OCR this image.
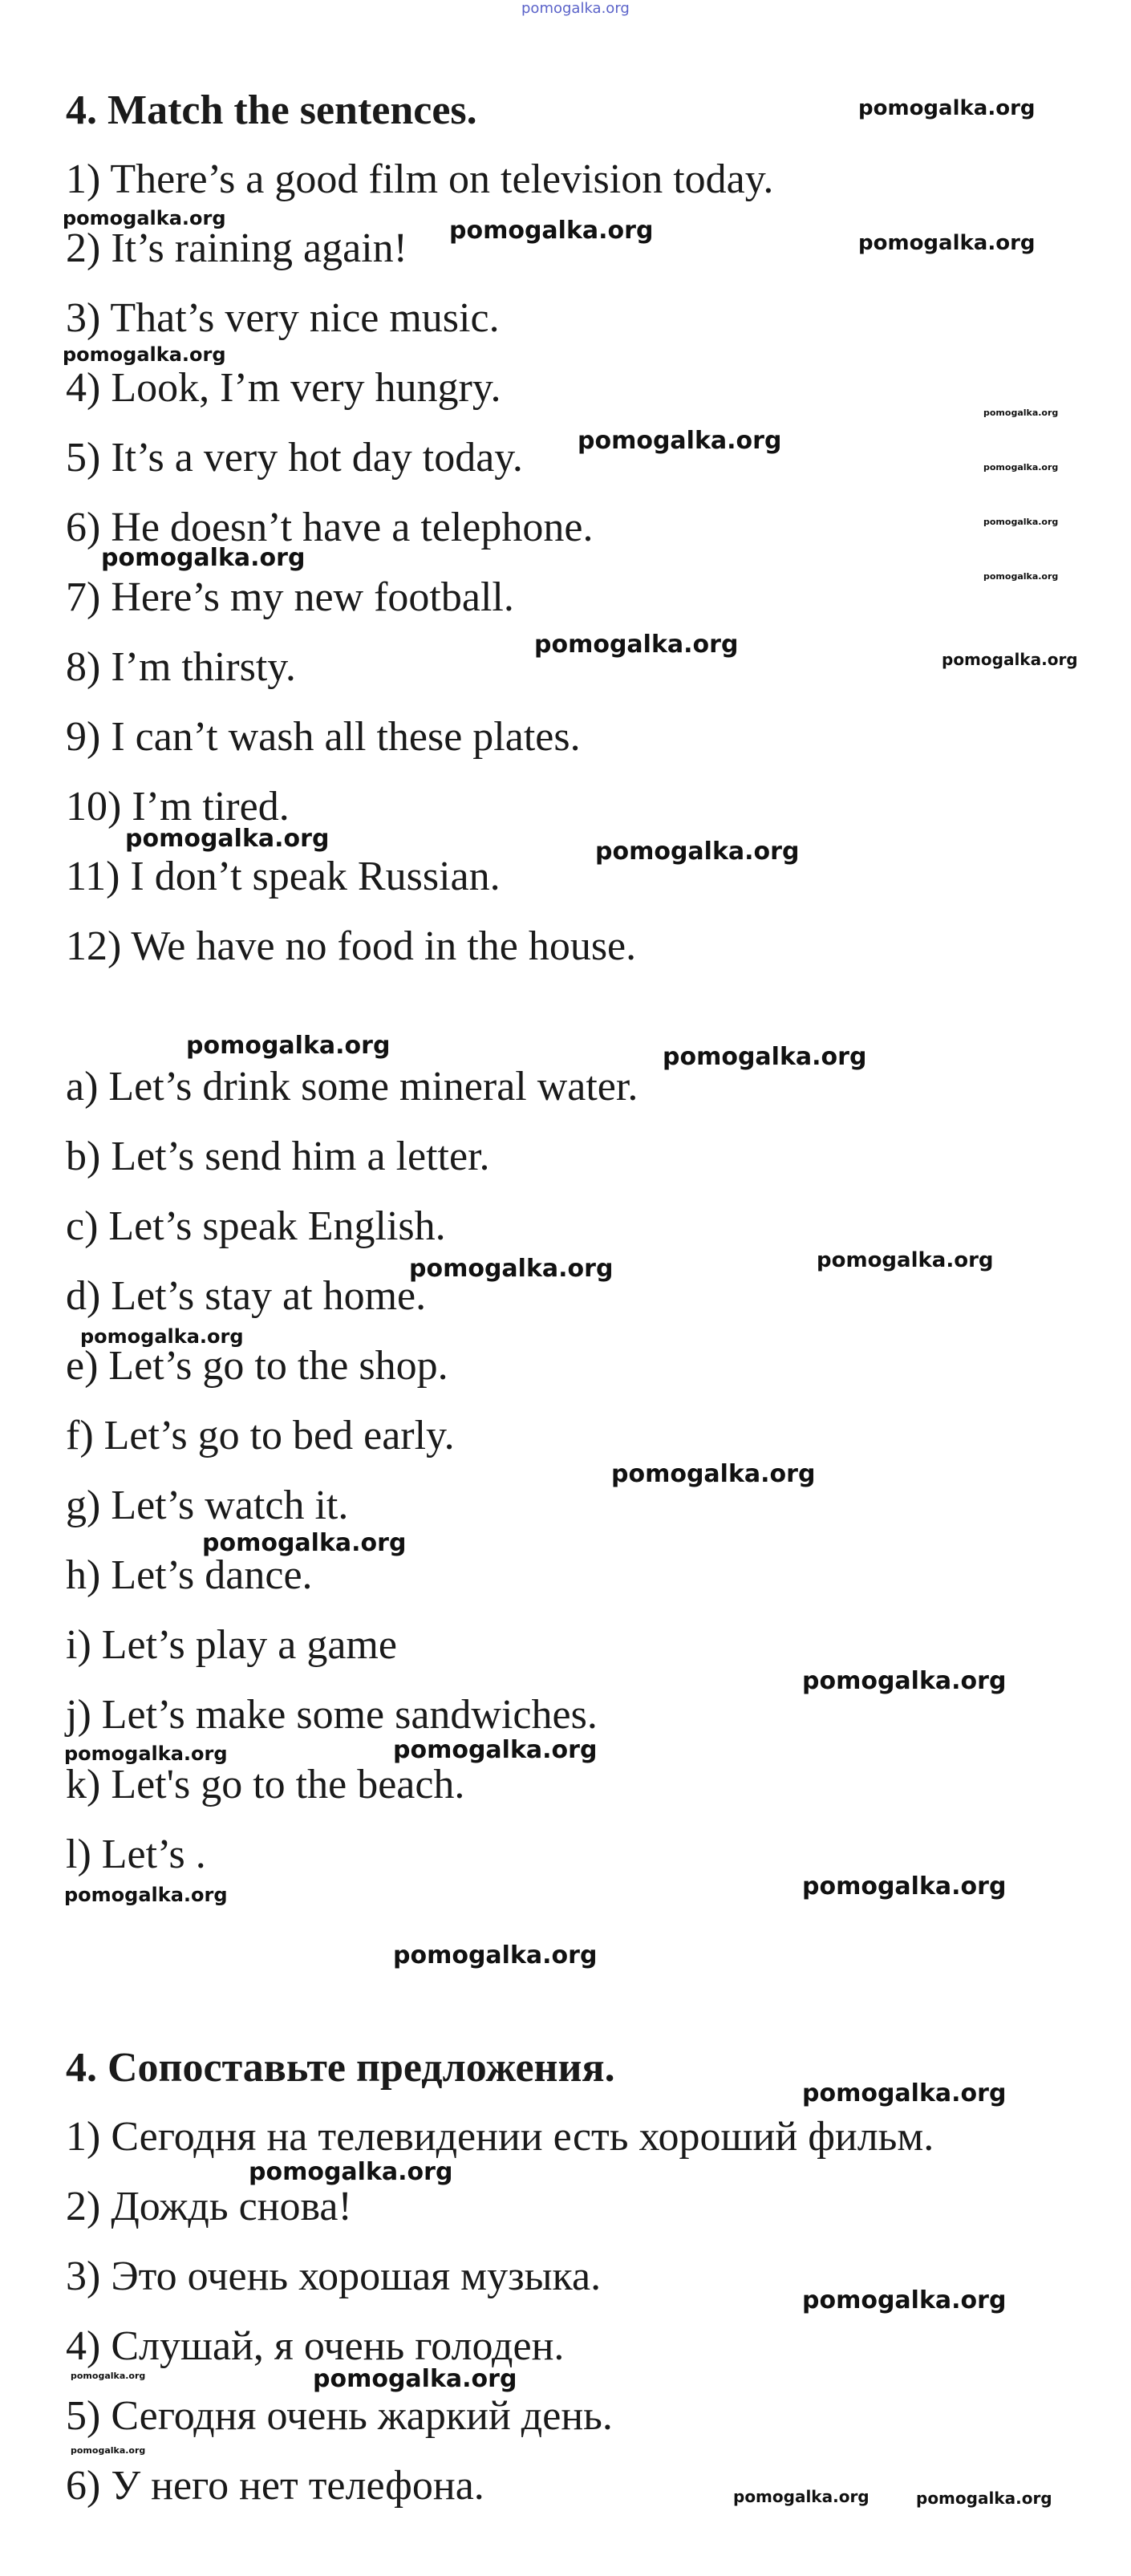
pomogalka.org
4. Match the sentences.
1) There’s a good film on television today.
2) It’s raining again!
3) That’s very nice music.
4) Look, I’m very hungry.
5) It’s a very hot day today.
6) He doesn’t have a telephone.
7) Here’s my new football.
8) I’m thirsty.
9) I can’t wash all these plates.
10) I’m tired.
11) I don’t speak Russian.
12) We have no food in the house.
a) Let’s drink some mineral water.
b) Let’s send him a letter.
c) Let’s speak English.
d) Let’s stay at home.
e) Let’s go to the shop.
f) Let’s go to bed early.
g) Let’s watch it.
h) Let’s dance.
i) Let’s play a game
j) Let’s make some sandwiches.
k) Let's go to the beach.
l) Let’s .
4. Сопоставьте предложения.
1) Сегодня на телевидении есть хороший фильм.
2) Дождь снова!
3) Это очень хорошая музыка.
4) Слушай, я очень голоден.
5) Сегодня очень жаркий день.
6) У него нет телефона.
pomogalka.org
pomogalka.org	pomogalka.org	pomogalka.org
pomogalka.org
pomogalka.org
pomogalka.org
pomogalka.org
pomogalka.org
pomogalka.org
pomogalka.org
pomogalka.org
pomogalka.org
pomogalka.org	pomogalka.org
pomogalka.org	pomogalka.org
pomogalka.org
pomogalka.org
pomogalka.org
pomogalka.org
pomogalka.org
pomogalka.org
pomogalka.org	pomogalka.org
pomogalka.org
pomogalka.org
pomogalka.org
pomogalka.org
pomogalka.org
pomogalka.org
pomogalka.org	pomogalka.org
pomogalka.org
pomogalka.org	pomogalka.org
